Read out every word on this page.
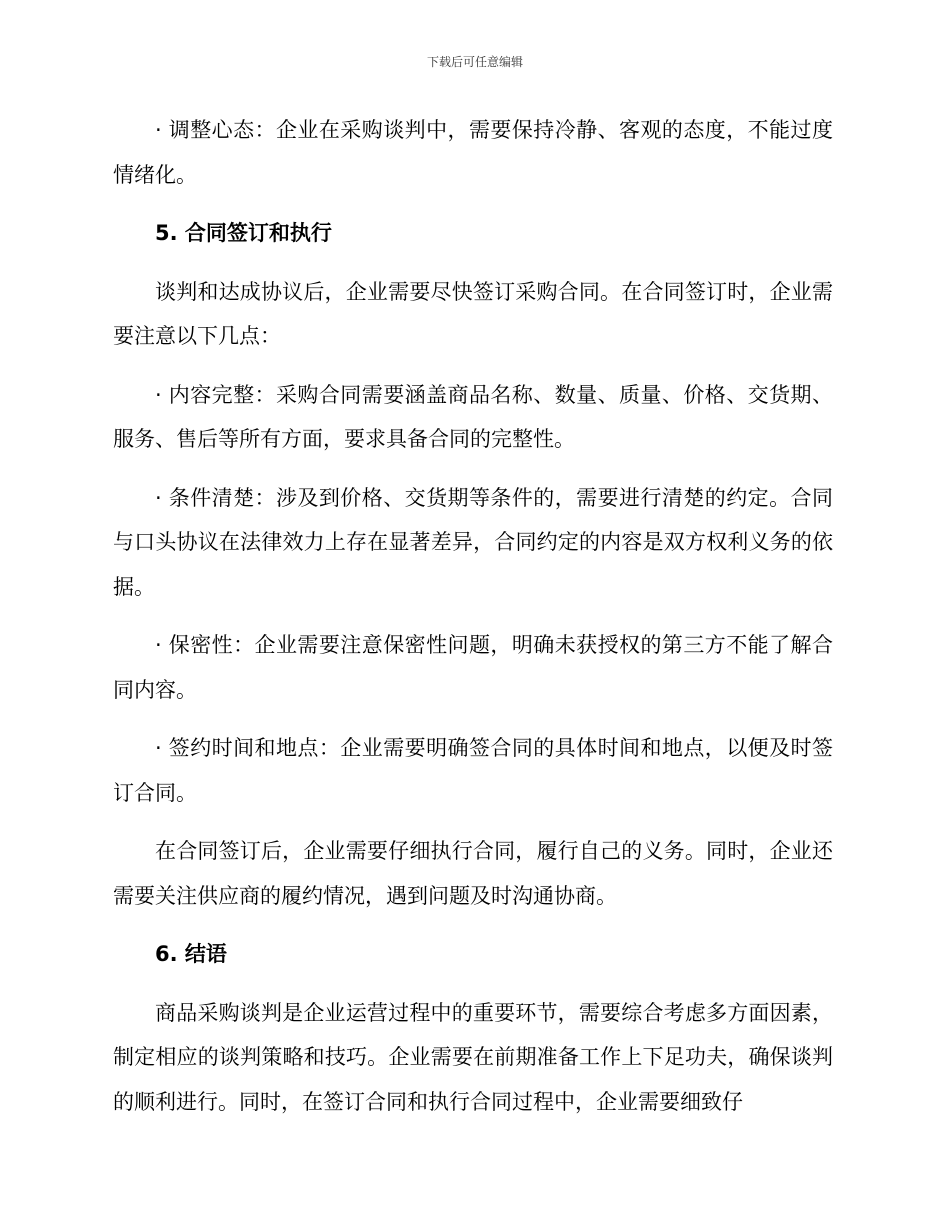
下载后可任意编辑

· 调整心态：企业在采购谈判中，需要保持冷静、客观的态度，不能过度情绪化。

5. 合同签订和执行

谈判和达成协议后，企业需要尽快签订采购合同。在合同签订时，企业需要注意以下几点：

· 内容完整：采购合同需要涵盖商品名称、数量、质量、价格、交货期、服务、售后等所有方面，要求具备合同的完整性。

· 条件清楚：涉及到价格、交货期等条件的，需要进行清楚的约定。合同与口头协议在法律效力上存在显著差异，合同约定的内容是双方权利义务的依据。

· 保密性：企业需要注意保密性问题，明确未获授权的第三方不能了解合同内容。

· 签约时间和地点：企业需要明确签合同的具体时间和地点，以便及时签订合同。

在合同签订后，企业需要仔细执行合同，履行自己的义务。同时，企业还需要关注供应商的履约情况，遇到问题及时沟通协商。

6. 结语

商品采购谈判是企业运营过程中的重要环节，需要综合考虑多方面因素，制定相应的谈判策略和技巧。企业需要在前期准备工作上下足功夫，确保谈判的顺利进行。同时，在签订合同和执行合同过程中，企业需要细致仔
